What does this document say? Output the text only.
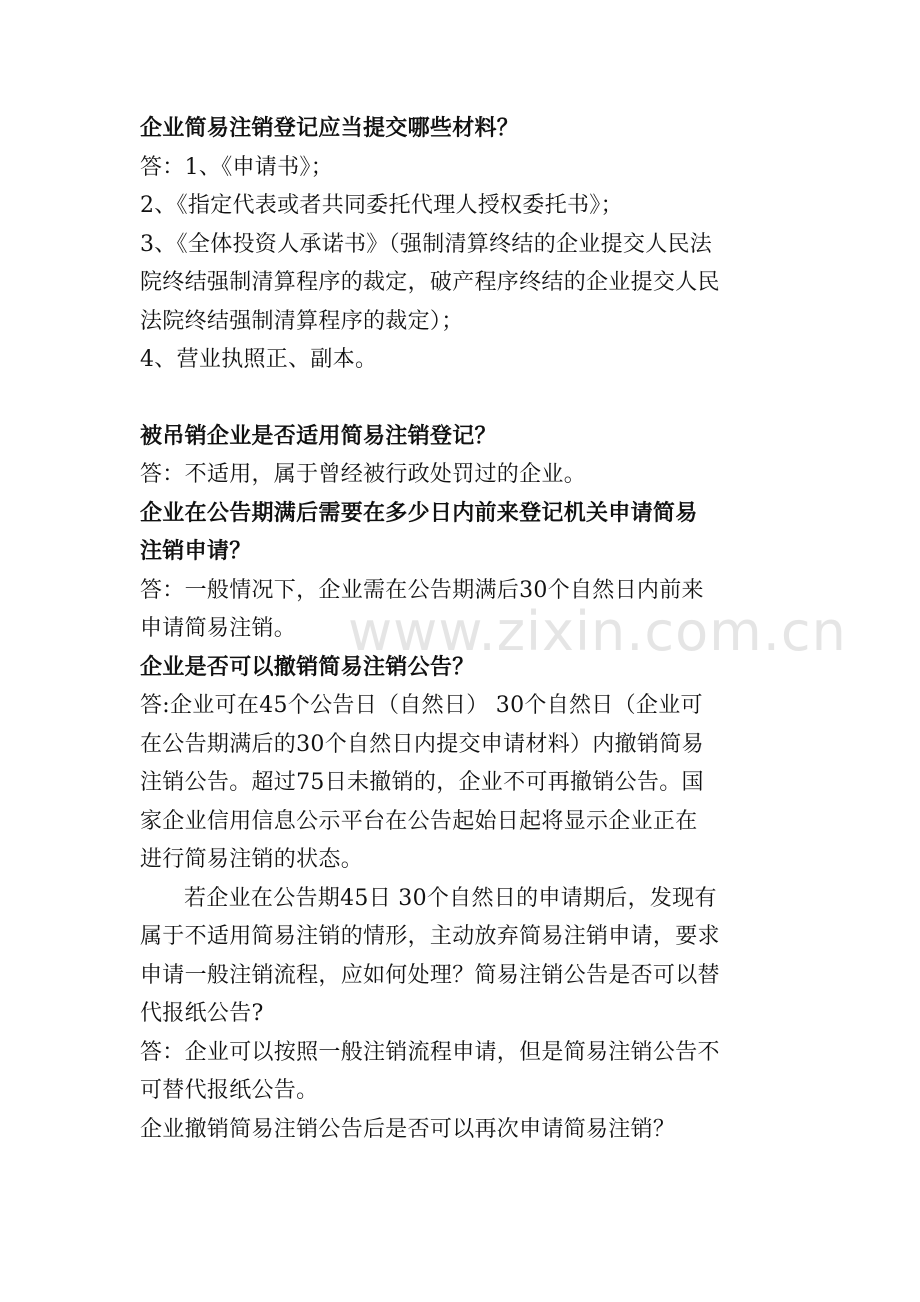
www.zixin.com.cn
企业简易注销登记应当提交哪些材料？
答：1、《申请书》；
2、《指定代表或者共同委托代理人授权委托书》；
3、《全体投资人承诺书》（强制清算终结的企业提交人民法
院终结强制清算程序的裁定，破产程序终结的企业提交人民
法院终结强制清算程序的裁定）；
4、营业执照正、副本。
被吊销企业是否适用简易注销登记？
答：不适用，属于曾经被行政处罚过的企业。
企业在公告期满后需要在多少日内前来登记机关申请简易
注销申请？
答：一般情况下，企业需在公告期满后30个自然日内前来
申请简易注销。
企业是否可以撤销简易注销公告？
答:企业可在45个公告日（自然日） 30个自然日（企业可
在公告期满后的30个自然日内提交申请材料）内撤销简易
注销公告。超过75日未撤销的，企业不可再撤销公告。国
家企业信用信息公示平台在公告起始日起将显示企业正在
进行简易注销的状态。
若企业在公告期45日 30个自然日的申请期后，发现有
属于不适用简易注销的情形，主动放弃简易注销申请，要求
申请一般注销流程，应如何处理？简易注销公告是否可以替
代报纸公告?
答：企业可以按照一般注销流程申请，但是简易注销公告不
可替代报纸公告。
企业撤销简易注销公告后是否可以再次申请简易注销？
